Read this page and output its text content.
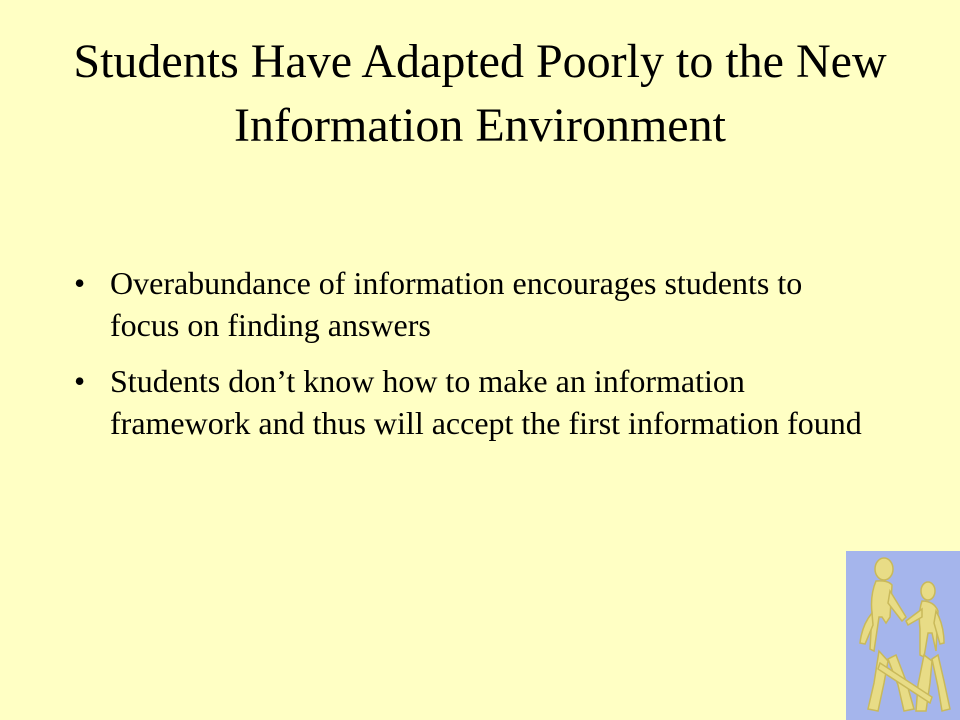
Students Have Adapted Poorly to the New Information Environment
• Overabundance of information encourages students to focus on finding answers
• Students don’t know how to make an information framework and thus will accept the first information found
